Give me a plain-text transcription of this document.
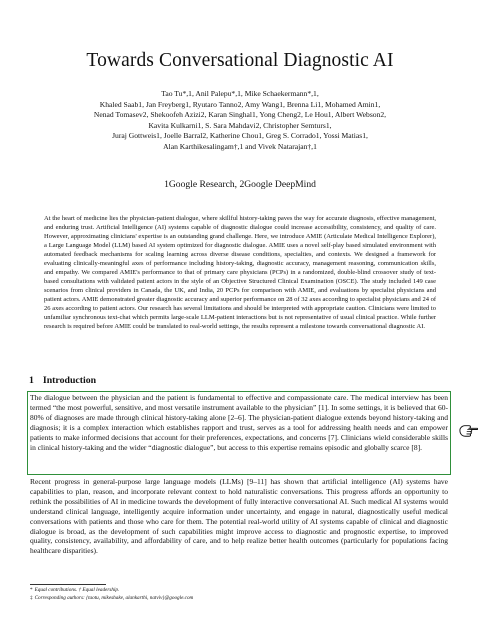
Towards Conversational Diagnostic AI
Tao Tu*,1, Anil Palepu*,1, Mike Schaekermann*,1,
Khaled Saab1, Jan Freyberg1, Ryutaro Tanno2, Amy Wang1, Brenna Li1, Mohamed Amin1,
Nenad Tomasev2, Shekoofeh Azizi2, Karan Singhal1, Yong Cheng2, Le Hou1, Albert Webson2,
Kavita Kulkarni1, S. Sara Mahdavi2, Christopher Semturs1,
Juraj Gottweis1, Joelle Barral2, Katherine Chou1, Greg S. Corrado1, Yossi Matias1,
Alan Karthikesalingam†,1 and Vivek Natarajan†,1
1Google Research, 2Google DeepMind
At the heart of medicine lies the physician-patient dialogue, where skillful history-taking paves the way for accurate diagnosis, effective management, and enduring trust. Artificial Intelligence (AI) systems capable of diagnostic dialogue could increase accessibility, consistency, and quality of care. However, approximating clinicians' expertise is an outstanding grand challenge. Here, we introduce AMIE (Articulate Medical Intelligence Explorer), a Large Language Model (LLM) based AI system optimized for diagnostic dialogue. AMIE uses a novel self-play based simulated environment with automated feedback mechanisms for scaling learning across diverse disease conditions, specialties, and contexts. We designed a framework for evaluating clinically-meaningful axes of performance including history-taking, diagnostic accuracy, management reasoning, communication skills, and empathy. We compared AMIE's performance to that of primary care physicians (PCPs) in a randomized, double-blind crossover study of text-based consultations with validated patient actors in the style of an Objective Structured Clinical Examination (OSCE). The study included 149 case scenarios from clinical providers in Canada, the UK, and India, 20 PCPs for comparison with AMIE, and evaluations by specialist physicians and patient actors. AMIE demonstrated greater diagnostic accuracy and superior performance on 28 of 32 axes according to specialist physicians and 24 of 26 axes according to patient actors. Our research has several limitations and should be interpreted with appropriate caution. Clinicians were limited to unfamiliar synchronous text-chat which permits large-scale LLM-patient interactions but is not representative of usual clinical practice. While further research is required before AMIE could be translated to real-world settings, the results represent a milestone towards conversational diagnostic AI.
1 Introduction
The dialogue between the physician and the patient is fundamental to effective and compassionate care. The medical interview has been termed “the most powerful, sensitive, and most versatile instrument available to the physician” [1]. In some settings, it is believed that 60-80% of diagnoses are made through clinical history-taking alone [2–6]. The physician-patient dialogue extends beyond history-taking and diagnosis; it is a complex interaction which establishes rapport and trust, serves as a tool for addressing health needs and can empower patients to make informed decisions that account for their preferences, expectations, and concerns [7]. Clinicians wield considerable skills in clinical history-taking and the wider “diagnostic dialogue”, but access to this expertise remains episodic and globally scarce [8].
Recent progress in general-purpose large language models (LLMs) [9–11] has shown that artificial intelligence (AI) systems have capabilities to plan, reason, and incorporate relevant context to hold naturalistic conversations. This progress affords an opportunity to rethink the possibilities of AI in medicine towards the development of fully interactive conversational AI. Such medical AI systems would understand clinical language, intelligently acquire information under uncertainty, and engage in natural, diagnostically useful medical conversations with patients and those who care for them. The potential real-world utility of AI systems capable of clinical and diagnostic dialogue is broad, as the development of such capabilities might improve access to diagnostic and prognostic expertise, to improved quality, consistency, availability, and affordability of care, and to help realize better health outcomes (particularly for populations facing healthcare disparities).
* Equal contributions. † Equal leadership.
‡ Corresponding authors: {taotu, mikeshake, alankarthi, natviv}@google.com
